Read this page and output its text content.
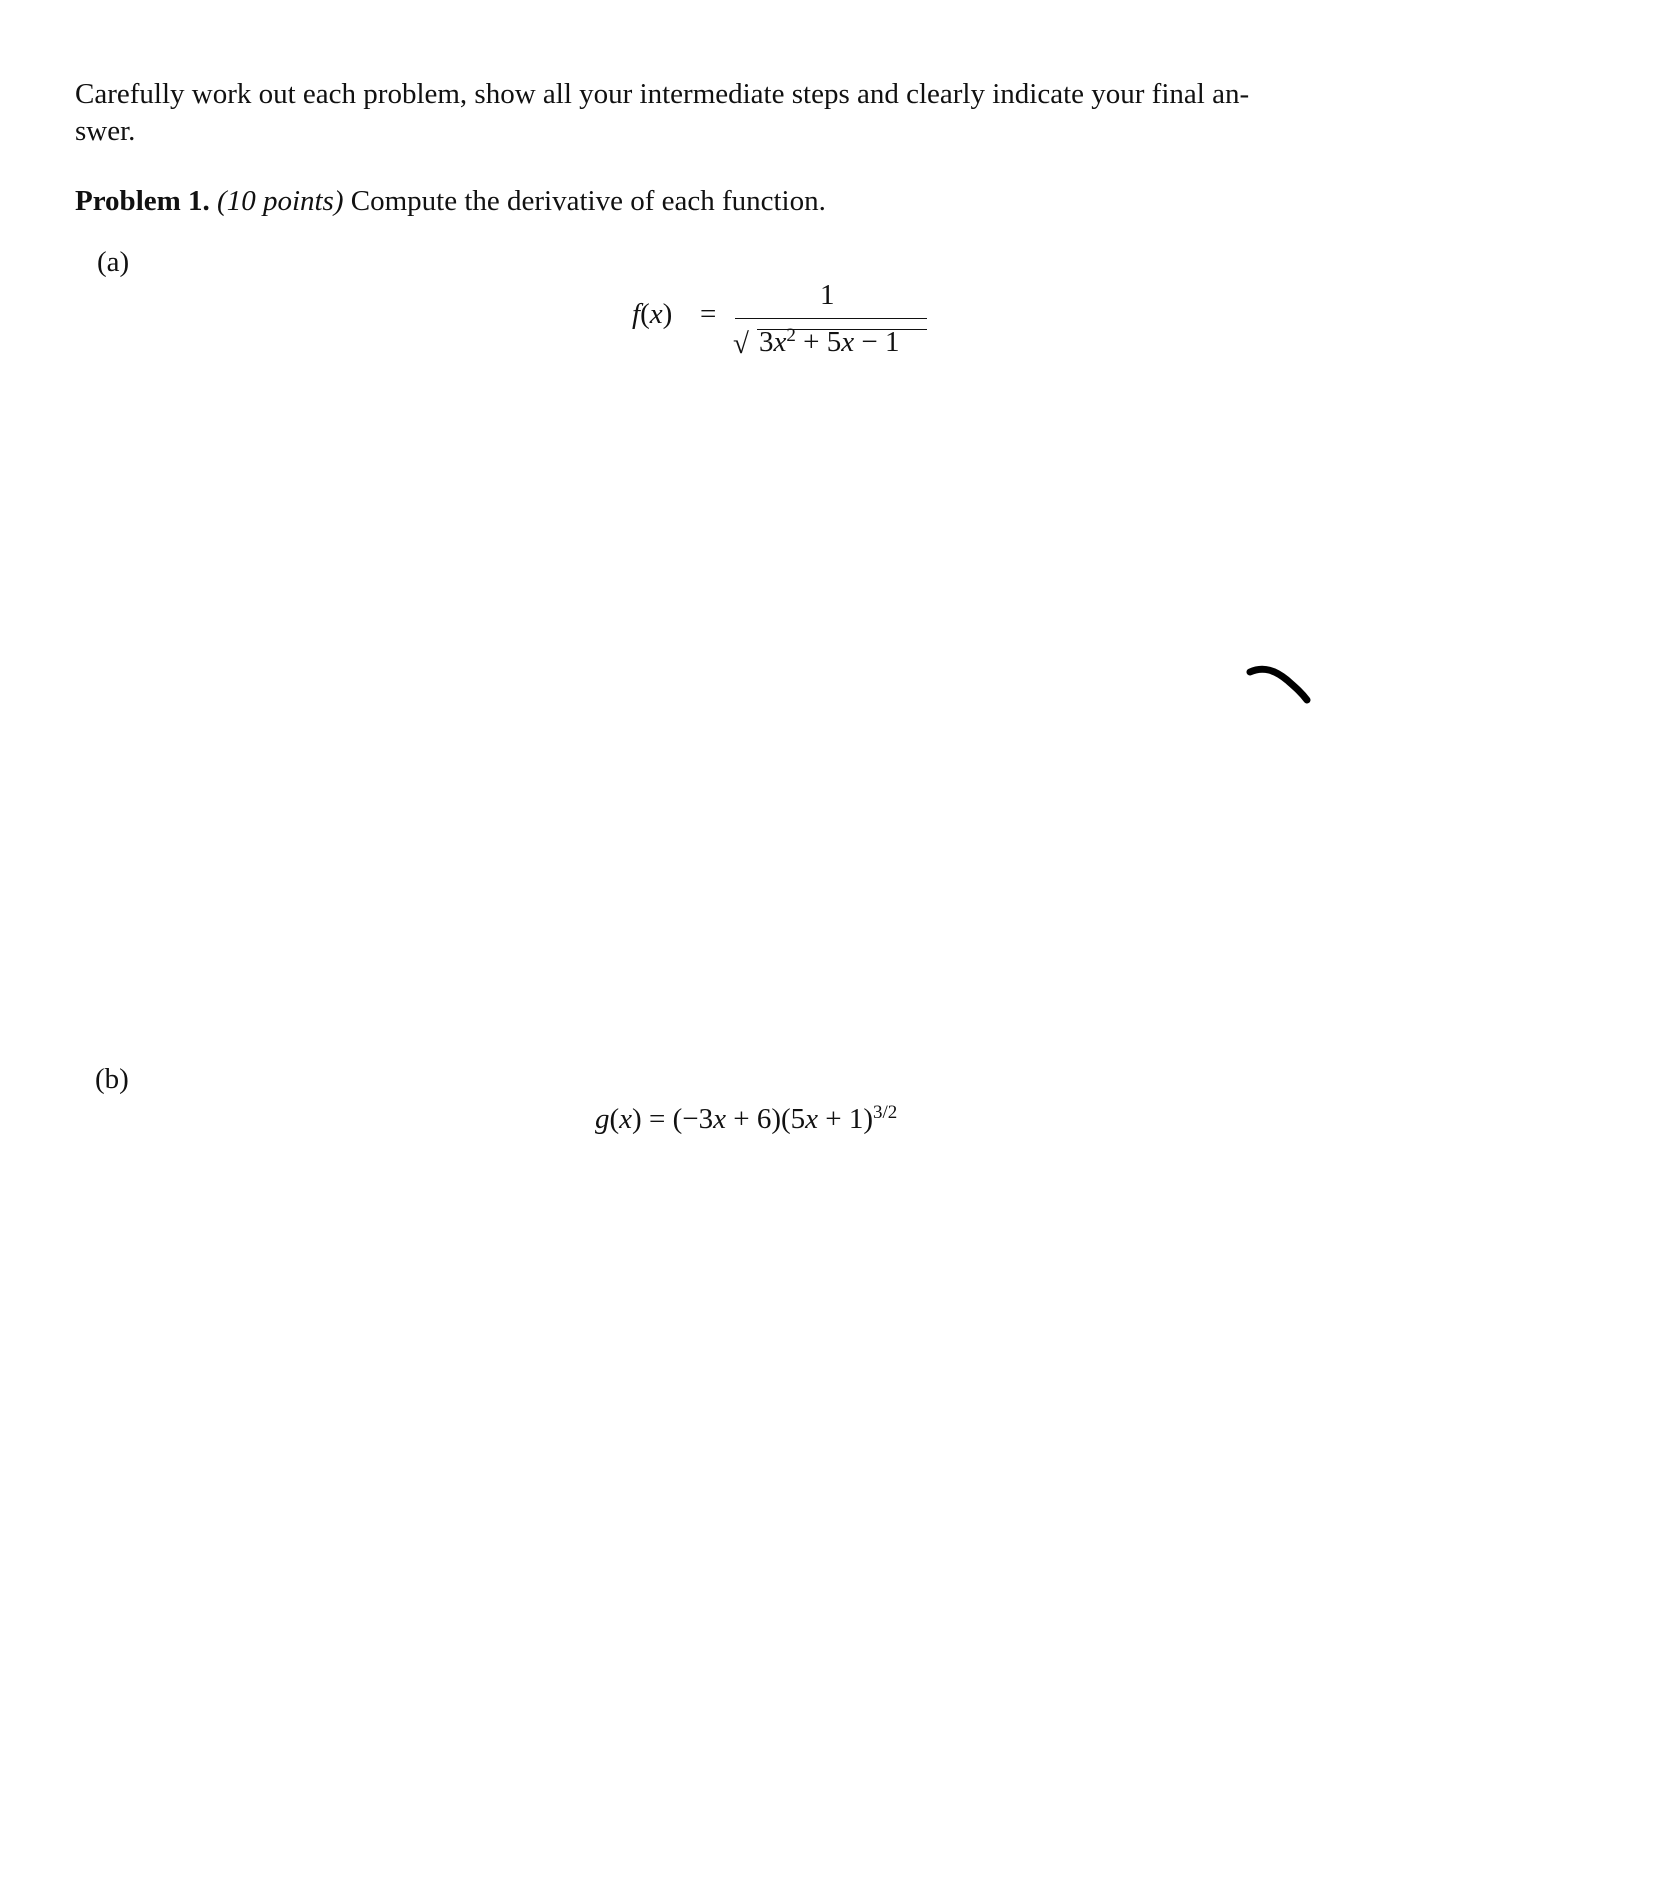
Carefully work out each problem, show all your intermediate steps and clearly indicate your final an-
swer.
Problem 1. (10 points) Compute the derivative of each function.
(a)
f(x) =
1
√ $3x^2 + 5x - 1$
(b)
$g(x) = (-3x + 6)(5x + 1)^{3/2}$
